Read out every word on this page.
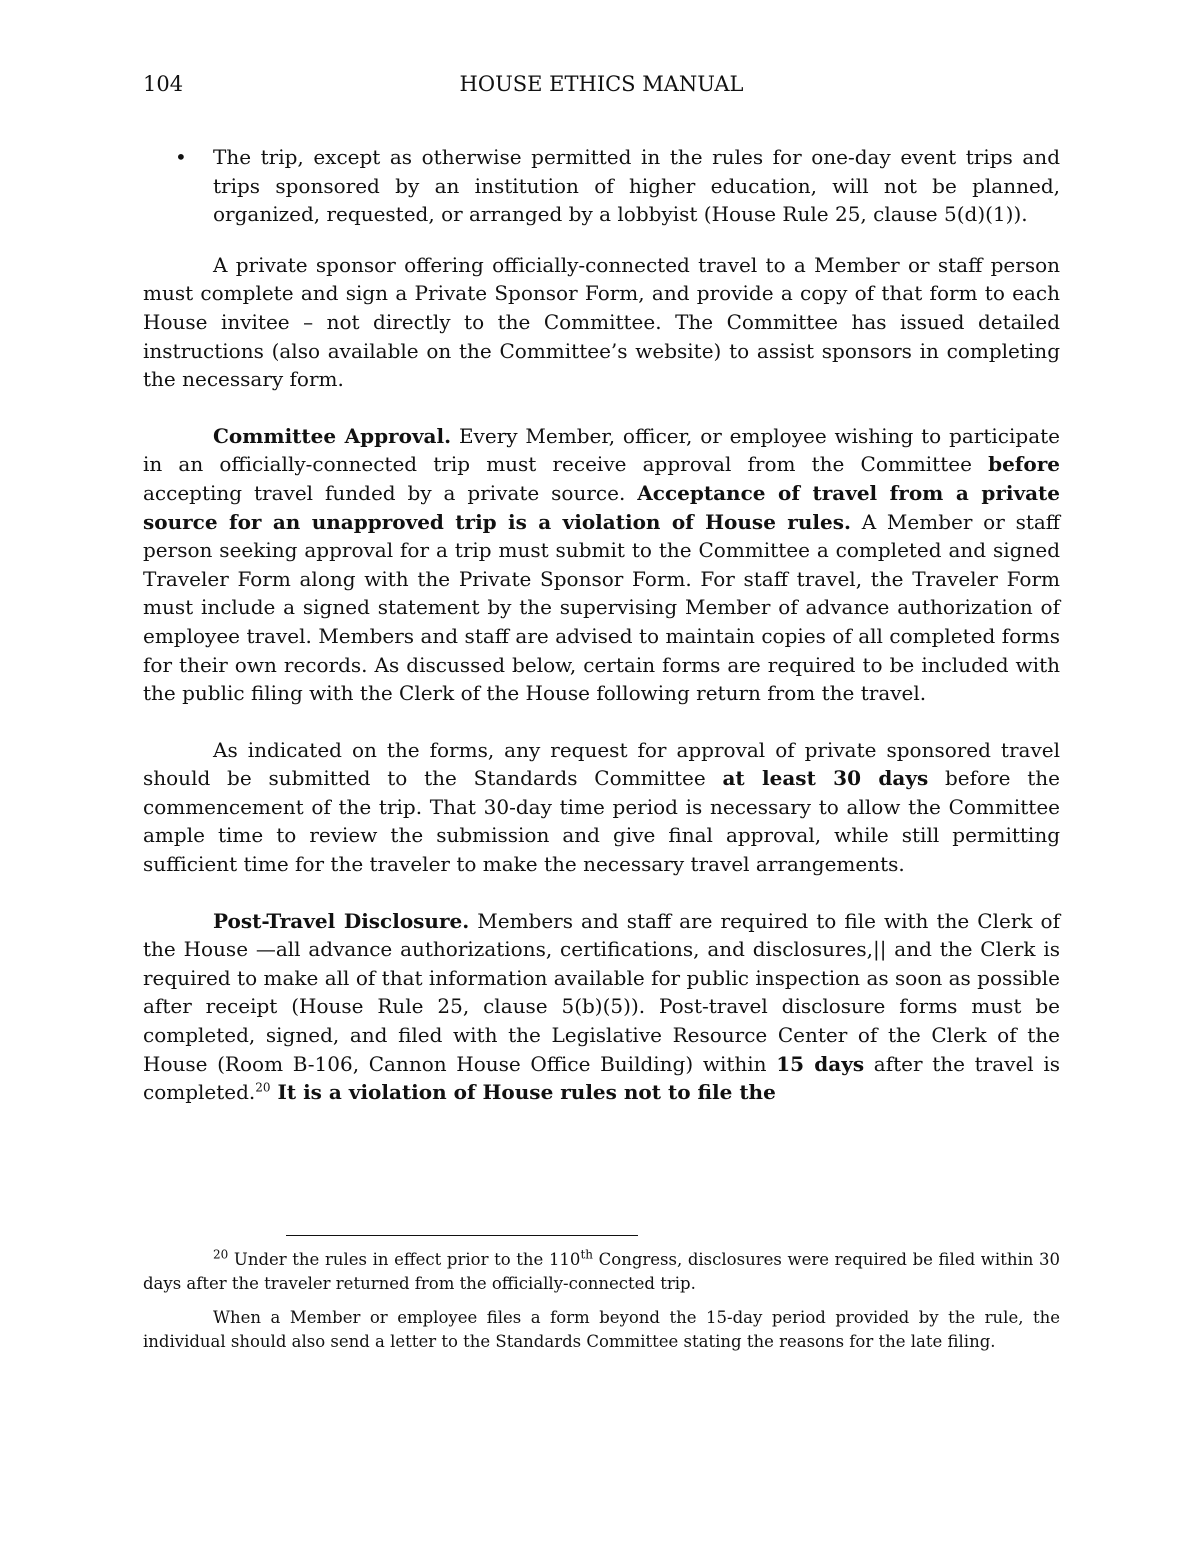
104	HOUSE ETHICS MANUAL
• The trip, except as otherwise permitted in the rules for one-day event trips and trips sponsored by an institution of higher education, will not be planned, organized, requested, or arranged by a lobbyist (House Rule 25, clause 5(d)(1)).

A private sponsor offering officially-connected travel to a Member or staff person must complete and sign a Private Sponsor Form, and provide a copy of that form to each House invitee – not directly to the Committee. The Committee has issued detailed instructions (also available on the Committee’s website) to assist sponsors in completing the necessary form.

Committee Approval. Every Member, officer, or employee wishing to participate in an officially-connected trip must receive approval from the Committee before accepting travel funded by a private source. Acceptance of travel from a private source for an unapproved trip is a violation of House rules. A Member or staff person seeking approval for a trip must submit to the Committee a completed and signed Traveler Form along with the Private Sponsor Form. For staff travel, the Traveler Form must include a signed statement by the supervising Member of advance authorization of employee travel. Members and staff are advised to maintain copies of all completed forms for their own records. As discussed below, certain forms are required to be included with the public filing with the Clerk of the House following return from the travel.

As indicated on the forms, any request for approval of private sponsored travel should be submitted to the Standards Committee at least 30 days before the commencement of the trip. That 30-day time period is necessary to allow the Committee ample time to review the submission and give final approval, while still permitting sufficient time for the traveler to make the necessary travel arrangements.

Post-Travel Disclosure. Members and staff are required to file with the Clerk of the House —all advance authorizations, certifications, and disclosures,|| and the Clerk is required to make all of that information available for public inspection as soon as possible after receipt (House Rule 25, clause 5(b)(5)). Post-travel disclosure forms must be completed, signed, and filed with the Legislative Resource Center of the Clerk of the House (Room B-106, Cannon House Office Building) within 15 days after the travel is completed.$^{20}$ It is a violation of House rules not to file the

$^{20}$ Under the rules in effect prior to the 110th Congress, disclosures were required be filed within 30 days after the traveler returned from the officially-connected trip.
When a Member or employee files a form beyond the 15-day period provided by the rule, the individual should also send a letter to the Standards Committee stating the reasons for the late filing.
